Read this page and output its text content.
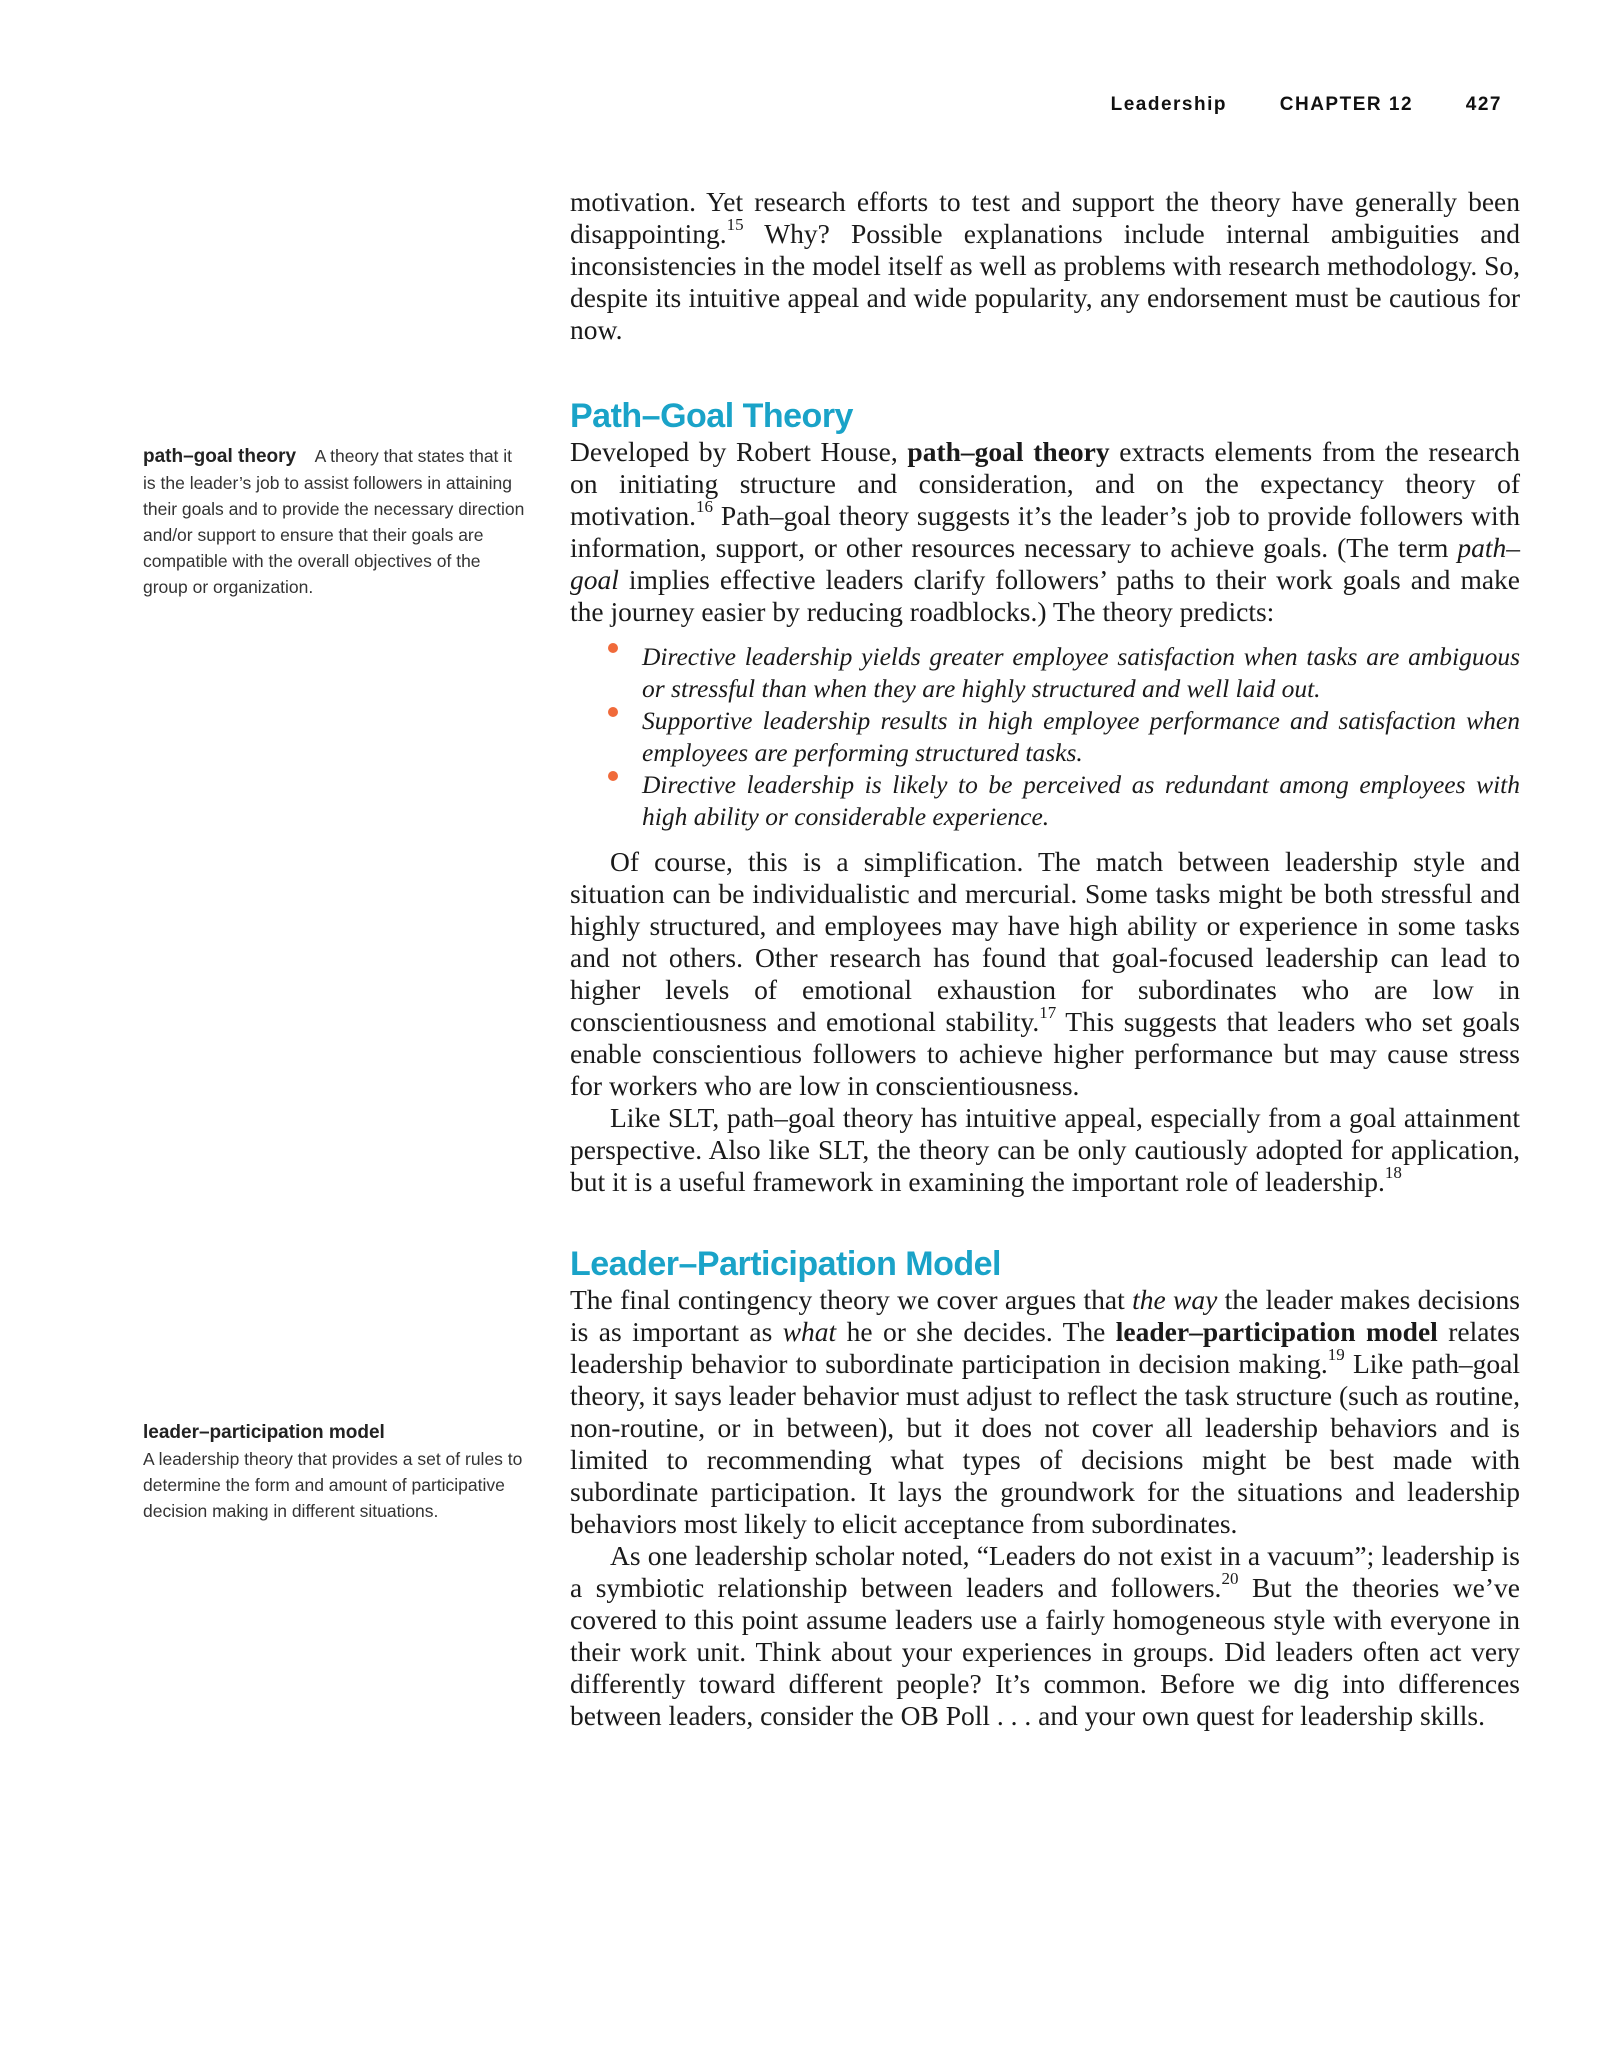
Leadership	CHAPTER 12	427
path–goal theory A theory that states that it is the leader’s job to assist followers in attaining their goals and to provide the necessary direction and/or support to ensure that their goals are compatible with the overall objectives of the group or organization.
leader–participation model
A leadership theory that provides a set of rules to determine the form and amount of participative decision making in different situations.

motivation. Yet research efforts to test and support the theory have generally been disappointing.$^{15}$ Why? Possible explanations include internal ambiguities and inconsistencies in the model itself as well as problems with research methodology. So, despite its intuitive appeal and wide popularity, any endorsement must be cautious for now.

Path–Goal Theory

Developed by Robert House, path–goal theory extracts elements from the research on initiating structure and consideration, and on the expectancy theory of motivation.$^{16}$ Path–goal theory suggests it’s the leader’s job to provide followers with information, support, or other resources necessary to achieve goals. (The term path–goal implies effective leaders clarify followers’ paths to their work goals and make the journey easier by reducing roadblocks.) The theory predicts:

Directive leadership yields greater employee satisfaction when tasks are ambiguous or stressful than when they are highly structured and well laid out.
Supportive leadership results in high employee performance and satisfaction when employees are performing structured tasks.
Directive leadership is likely to be perceived as redundant among employees with high ability or considerable experience.

Of course, this is a simplification. The match between leadership style and situation can be individualistic and mercurial. Some tasks might be both stressful and highly structured, and employees may have high ability or experience in some tasks and not others. Other research has found that goal-focused leadership can lead to higher levels of emotional exhaustion for subordinates who are low in conscientiousness and emotional stability.$^{17}$ This suggests that leaders who set goals enable conscientious followers to achieve higher performance but may cause stress for workers who are low in conscientiousness.

Like SLT, path–goal theory has intuitive appeal, especially from a goal attainment perspective. Also like SLT, the theory can be only cautiously adopted for application, but it is a useful framework in examining the important role of leadership.$^{18}$

Leader–Participation Model

The final contingency theory we cover argues that the way the leader makes decisions is as important as what he or she decides. The leader–participation model relates leadership behavior to subordinate participation in decision making.$^{19}$ Like path–goal theory, it says leader behavior must adjust to reflect the task structure (such as routine, non-routine, or in between), but it does not cover all leadership behaviors and is limited to recommending what types of decisions might be best made with subordinate participation. It lays the groundwork for the situations and leadership behaviors most likely to elicit acceptance from subordinates.

As one leadership scholar noted, “Leaders do not exist in a vacuum”; leadership is a symbiotic relationship between leaders and followers.$^{20}$ But the theories we’ve covered to this point assume leaders use a fairly homogeneous style with everyone in their work unit. Think about your experiences in groups. Did leaders often act very differently toward different people? It’s common. Before we dig into differences between leaders, consider the OB Poll . . . and your own quest for leadership skills.
